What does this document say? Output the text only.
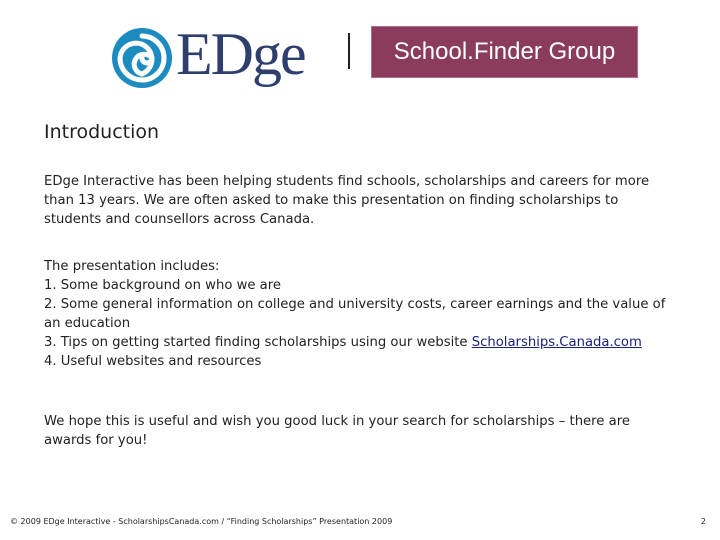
EDge	School.Finder Group
Introduction

EDge Interactive has been helping students find schools, scholarships and careers for more than 13 years. We are often asked to make this presentation on finding scholarships to students and counsellors across Canada.

The presentation includes:
1. Some background on who we are
2. Some general information on college and university costs, career earnings and the value of an education
3. Tips on getting started finding scholarships using our website Scholarships.Canada.com
4. Useful websites and resources

We hope this is useful and wish you good luck in your search for scholarships – there are awards for you!

© 2009 EDge Interactive - ScholarshipsCanada.com / “Finding Scholarships” Presentation 2009	2
